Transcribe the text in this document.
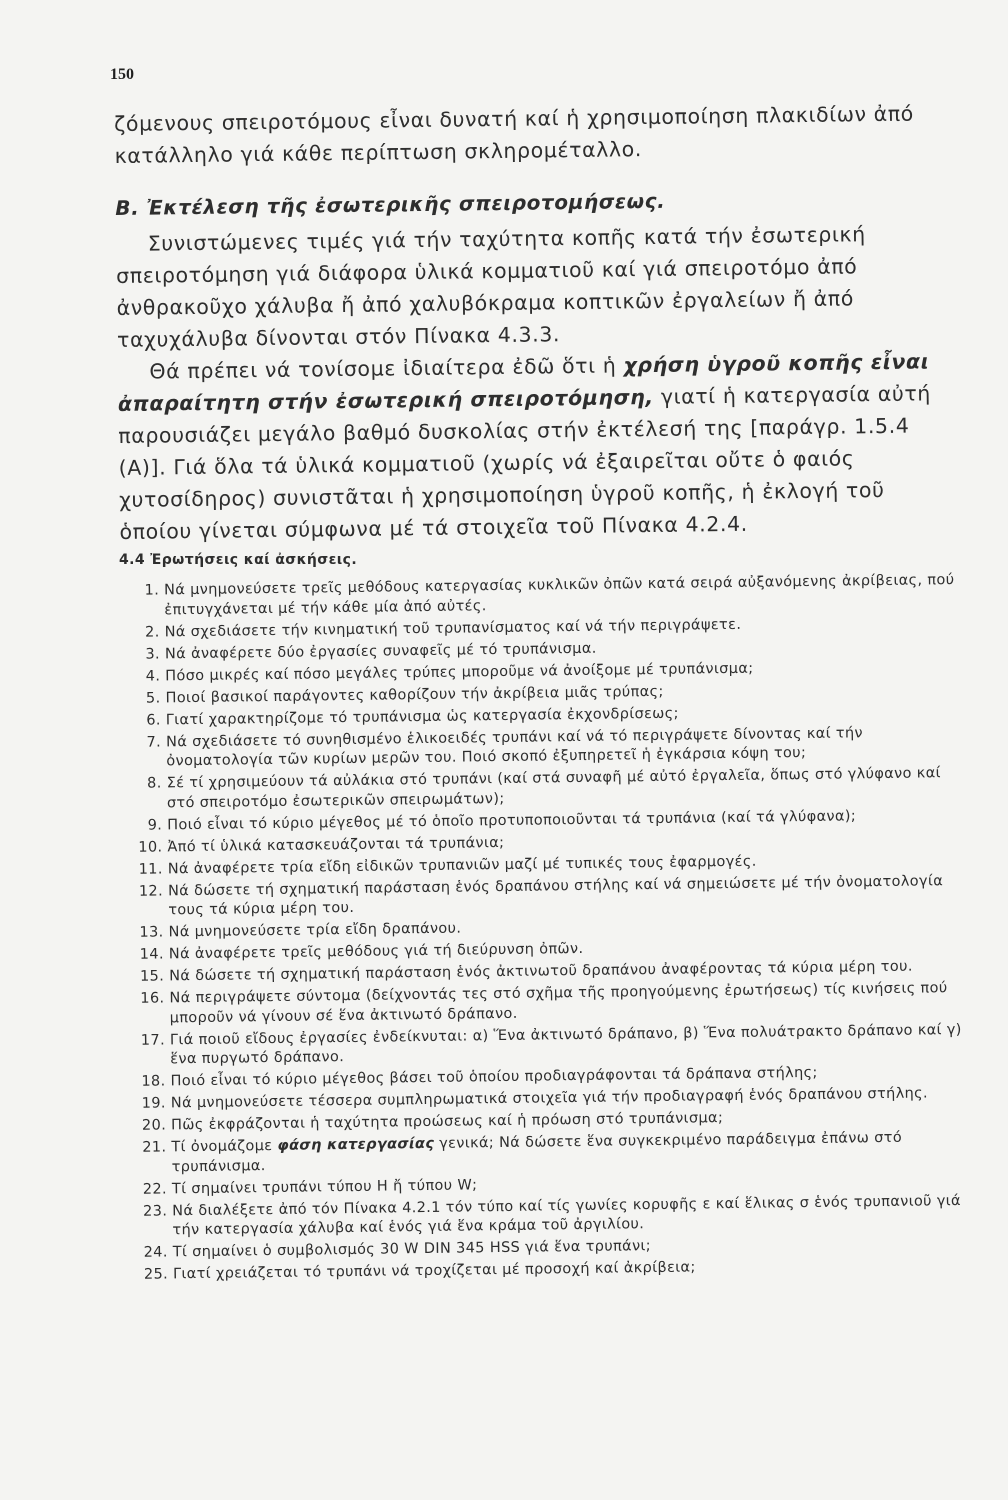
150

ζόμενους σπειροτόμους εἶναι δυνατή καί ἡ χρησιμοποίηση πλακιδίων ἀπό κατάλληλο γιά κάθε περίπτωση σκληρομέταλλο.

Β. Ἐκτέλεση τῆς ἐσωτερικῆς σπειροτομήσεως.

Συνιστώμενες τιμές γιά τήν ταχύτητα κοπῆς κατά τήν ἐσωτερική σπειροτόμηση γιά διάφορα ὑλικά κομματιοῦ καί γιά σπειροτόμο ἀπό ἀνθρακοῦχο χάλυβα ἤ ἀπό χαλυβόκραμα κοπτικῶν ἐργαλείων ἤ ἀπό ταχυχάλυβα δίνονται στόν Πίνακα 4.3.3.

Θά πρέπει νά τονίσομε ἰδιαίτερα ἐδῶ ὅτι ἡ χρήση ὑγροῦ κοπῆς εἶναι ἀπαραίτητη στήν ἐσωτερική σπειροτόμηση, γιατί ἡ κατεργασία αὐτή παρουσιάζει μεγάλο βαθμό δυσκολίας στήν ἐκτέλεσή της [παράγρ. 1.5.4 (Α)]. Γιά ὅλα τά ὑλικά κομματιοῦ (χωρίς νά ἐξαιρεῖται οὔτε ὁ φαιός χυτοσίδηρος) συνιστᾶται ἡ χρησιμοποίηση ὑγροῦ κοπῆς, ἡ ἐκλογή τοῦ ὁποίου γίνεται σύμφωνα μέ τά στοιχεῖα τοῦ Πίνακα 4.2.4.

4.4 Ἐρωτήσεις καί ἀσκήσεις.
1. Νά μνημονεύσετε τρεῖς μεθόδους κατεργασίας κυκλικῶν ὀπῶν κατά σειρά αὐξανόμενης ἀκρίβειας, πού ἐπιτυγχάνεται μέ τήν κάθε μία ἀπό αὐτές.
2. Νά σχεδιάσετε τήν κινηματική τοῦ τρυπανίσματος καί νά τήν περιγράψετε.
3. Νά ἀναφέρετε δύο ἐργασίες συναφεῖς μέ τό τρυπάνισμα.
4. Πόσο μικρές καί πόσο μεγάλες τρύπες μποροῦμε νά ἀνοίξομε μέ τρυπάνισμα;
5. Ποιοί βασικοί παράγοντες καθορίζουν τήν ἀκρίβεια μιᾶς τρύπας;
6. Γιατί χαρακτηρίζομε τό τρυπάνισμα ὡς κατεργασία ἐκχονδρίσεως;
7. Νά σχεδιάσετε τό συνηθισμένο ἑλικοειδές τρυπάνι καί νά τό περιγράψετε δίνοντας καί τήν ὀνοματολογία τῶν κυρίων μερῶν του. Ποιό σκοπό ἐξυπηρετεῖ ἡ ἐγκάρσια κόψη του;
8. Σέ τί χρησιμεύουν τά αὐλάκια στό τρυπάνι (καί στά συναφῆ μέ αὐτό ἐργαλεῖα, ὅπως στό γλύφανο καί στό σπειροτόμο ἐσωτερικῶν σπειρωμάτων);
9. Ποιό εἶναι τό κύριο μέγεθος μέ τό ὁποῖο προτυποποιοῦνται τά τρυπάνια (καί τά γλύφανα);
10. Ἀπό τί ὑλικά κατασκευάζονται τά τρυπάνια;
11. Νά ἀναφέρετε τρία εἴδη εἰδικῶν τρυπανιῶν μαζί μέ τυπικές τους ἐφαρμογές.
12. Νά δώσετε τή σχηματική παράσταση ἑνός δραπάνου στήλης καί νά σημειώσετε μέ τήν ὀνοματολογία τους τά κύρια μέρη του.
13. Νά μνημονεύσετε τρία εἴδη δραπάνου.
14. Νά ἀναφέρετε τρεῖς μεθόδους γιά τή διεύρυνση ὀπῶν.
15. Νά δώσετε τή σχηματική παράσταση ἑνός ἀκτινωτοῦ δραπάνου ἀναφέροντας τά κύρια μέρη του.
16. Νά περιγράψετε σύντομα (δείχνοντάς τες στό σχῆμα τῆς προηγούμενης ἐρωτήσεως) τίς κινήσεις πού μποροῦν νά γίνουν σέ ἕνα ἀκτινωτό δράπανο.
17. Γιά ποιοῦ εἴδους ἐργασίες ἐνδείκνυται: α) Ἕνα ἀκτινωτό δράπανο, β) Ἕνα πολυάτρακτο δράπανο καί γ) ἕνα πυργωτό δράπανο.
18. Ποιό εἶναι τό κύριο μέγεθος βάσει τοῦ ὁποίου προδιαγράφονται τά δράπανα στήλης;
19. Νά μνημονεύσετε τέσσερα συμπληρωματικά στοιχεῖα γιά τήν προδιαγραφή ἑνός δραπάνου στήλης.
20. Πῶς ἐκφράζονται ἡ ταχύτητα προώσεως καί ἡ πρόωση στό τρυπάνισμα;
21. Τί ὀνομάζομε φάση κατεργασίας γενικά; Νά δώσετε ἕνα συγκεκριμένο παράδειγμα ἐπάνω στό τρυπάνισμα.
22. Τί σημαίνει τρυπάνι τύπου Η ἤ τύπου W;
23. Νά διαλέξετε ἀπό τόν Πίνακα 4.2.1 τόν τύπο καί τίς γωνίες κορυφῆς ε καί ἕλικας σ ἑνός τρυπανιοῦ γιά τήν κατεργασία χάλυβα καί ἑνός γιά ἕνα κράμα τοῦ ἀργιλίου.
24. Τί σημαίνει ὁ συμβολισμός 30 W DIN 345 HSS γιά ἕνα τρυπάνι;
25. Γιατί χρειάζεται τό τρυπάνι νά τροχίζεται μέ προσοχή καί ἀκρίβεια;
